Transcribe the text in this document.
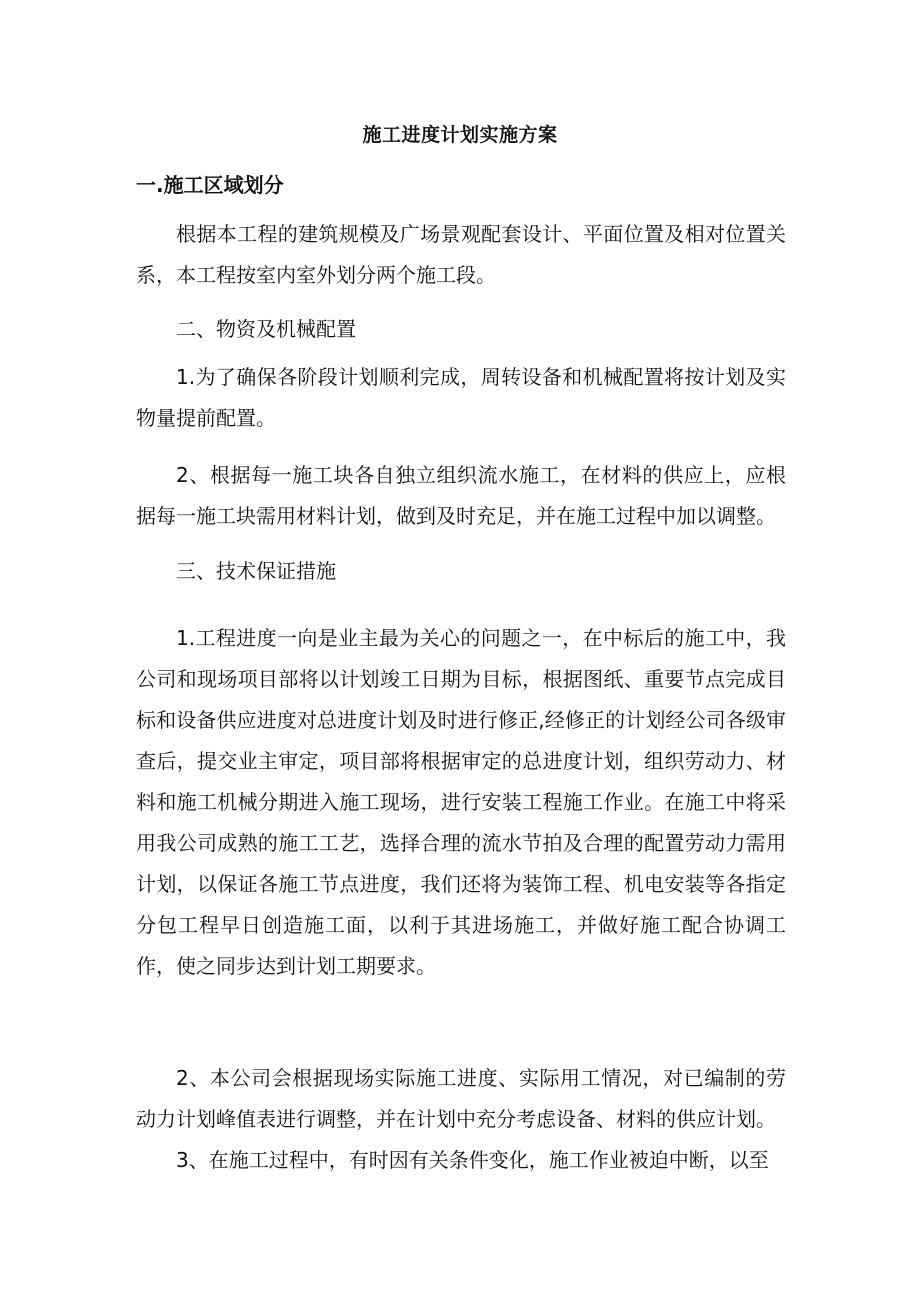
施工进度计划实施方案
一.施工区域划分

根据本工程的建筑规模及广场景观配套设计、平面位置及相对位置关系，本工程按室内室外划分两个施工段。

二、物资及机械配置

1.为了确保各阶段计划顺利完成，周转设备和机械配置将按计划及实物量提前配置。

2、根据每一施工块各自独立组织流水施工，在材料的供应上，应根据每一施工块需用材料计划，做到及时充足，并在施工过程中加以调整。

三、技术保证措施

1.工程进度一向是业主最为关心的问题之一，在中标后的施工中，我公司和现场项目部将以计划竣工日期为目标，根据图纸、重要节点完成目标和设备供应进度对总进度计划及时进行修正,经修正的计划经公司各级审查后，提交业主审定，项目部将根据审定的总进度计划，组织劳动力、材料和施工机械分期进入施工现场，进行安装工程施工作业。在施工中将采用我公司成熟的施工工艺，选择合理的流水节拍及合理的配置劳动力需用计划，以保证各施工节点进度，我们还将为装饰工程、机电安装等各指定分包工程早日创造施工面，以利于其进场施工，并做好施工配合协调工作，使之同步达到计划工期要求。

2、本公司会根据现场实际施工进度、实际用工情况，对已编制的劳动力计划峰值表进行调整，并在计划中充分考虑设备、材料的供应计划。

3、在施工过程中，有时因有关条件变化，施工作业被迫中断，以至
